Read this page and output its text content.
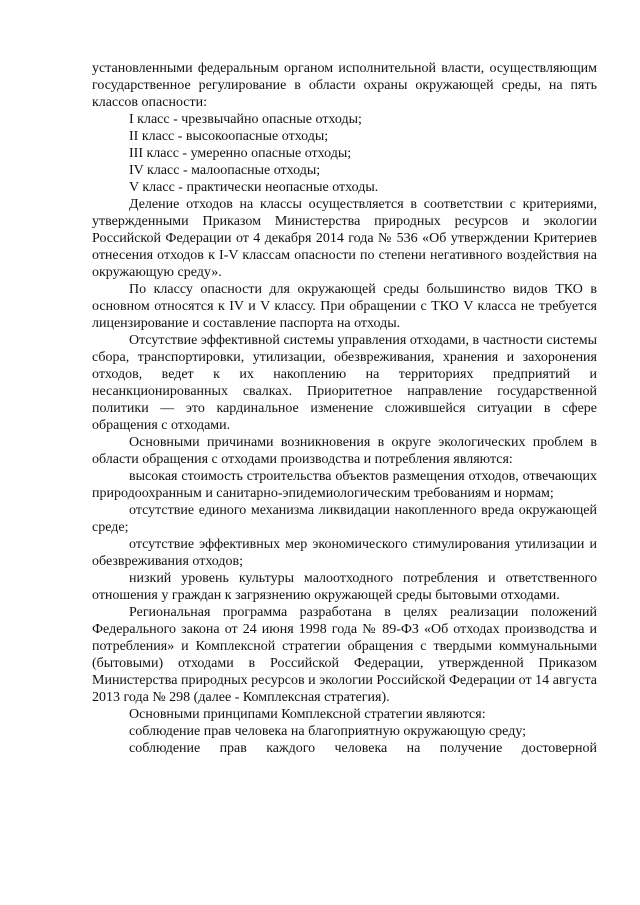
установленными федеральным органом исполнительной власти, осуществляющим государственное регулирование в области охраны окружающей среды, на пять классов опасности:

I класс - чрезвычайно опасные отходы;

II класс - высокоопасные отходы;

III класс - умеренно опасные отходы;

IV класс - малоопасные отходы;

V класс - практически неопасные отходы.

Деление отходов на классы осуществляется в соответствии с критериями, утвержденными Приказом Министерства природных ресурсов и экологии Российской Федерации от 4 декабря 2014 года № 536 «Об утверждении Критериев отнесения отходов к I-V классам опасности по степени негативного воздействия на окружающую среду».

По классу опасности для окружающей среды большинство видов ТКО в основном относятся к IV и V классу. При обращении с ТКО V класса не требуется лицензирование и составление паспорта на отходы.

Отсутствие эффективной системы управления отходами, в частности системы сбора, транспортировки, утилизации, обезвреживания, хранения и захоронения отходов, ведет к их накоплению на территориях предприятий и несанкционированных свалках. Приоритетное направление государственной политики — это кардинальное изменение сложившейся ситуации в сфере обращения с отходами.

Основными причинами возникновения в округе экологических проблем в области обращения с отходами производства и потребления являются:

высокая стоимость строительства объектов размещения отходов, отвечающих природоохранным и санитарно-эпидемиологическим требованиям и нормам;

отсутствие единого механизма ликвидации накопленного вреда окружающей среде;

отсутствие эффективных мер экономического стимулирования утилизации и обезвреживания отходов;

низкий уровень культуры малоотходного потребления и ответственного отношения у граждан к загрязнению окружающей среды бытовыми отходами.

Региональная программа разработана в целях реализации положений Федерального закона от 24 июня 1998 года № 89-ФЗ «Об отходах производства и потребления» и Комплексной стратегии обращения с твердыми коммунальными (бытовыми) отходами в Российской Федерации, утвержденной Приказом Министерства природных ресурсов и экологии Российской Федерации от 14 августа 2013 года № 298 (далее - Комплексная стратегия).

Основными принципами Комплексной стратегии являются:

соблюдение прав человека на благоприятную окружающую среду;

соблюдение прав каждого человека на получение достоверной
